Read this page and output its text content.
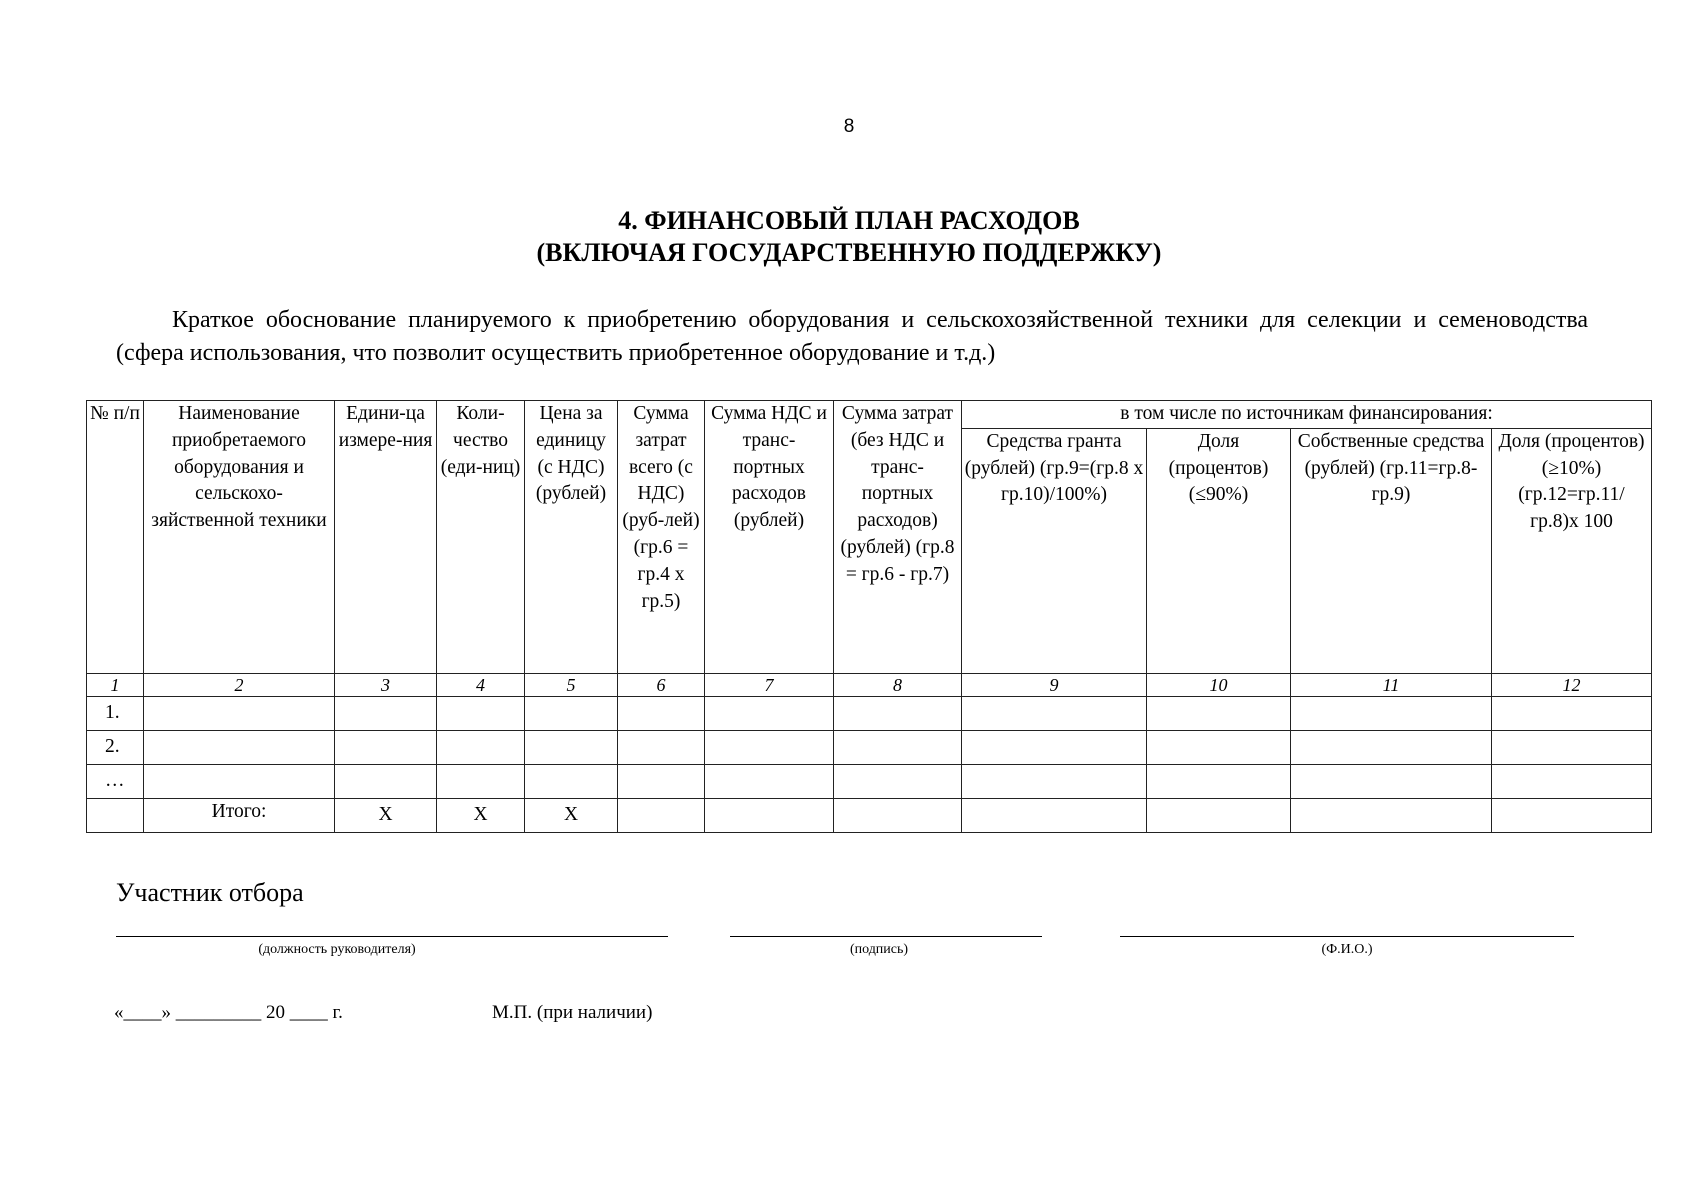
8
4. ФИНАНСОВЫЙ ПЛАН РАСХОДОВ
(ВКЛЮЧАЯ ГОСУДАРСТВЕННУЮ ПОДДЕРЖКУ)
Краткое обоснование планируемого к приобретению оборудования и сельскохозяйственной техники для селекции и семеноводства (сфера использования, что позволит осуществить приобретенное оборудование и т.д.)
№ п/п	Наименование приобретаемого оборудования и сельскохо-зяйственной техники	Едини-ца измере-ния	Коли-чество (еди-ниц)	Цена за единицу (с НДС) (рублей)	Сумма затрат всего (с НДС) (руб-лей) (гр.6 = гр.4 х гр.5)	Сумма НДС и транс-портных расходов (рублей)	Сумма затрат (без НДС и транс-портных расходов) (рублей) (гр.8 = гр.6 - гр.7)	в том числе по источникам финансирования:			
								Средства гранта (рублей) (гр.9=(гр.8 х гр.10)/100%)	Доля (процентов) (≤90%)	Собственные средства (рублей) (гр.11=гр.8-гр.9)	Доля (процентов) (≥10%) (гр.12=гр.11/ гр.8)х 100
1	2	3	4	5	6	7	8	9	10	11	12
1.											
2.											
…											
	Итого:	Х	Х	Х							
Участник отбора
(должность руководителя)	(подпись)	(Ф.И.О.)
«____» _________ 20 ____ г.	М.П. (при наличии)
